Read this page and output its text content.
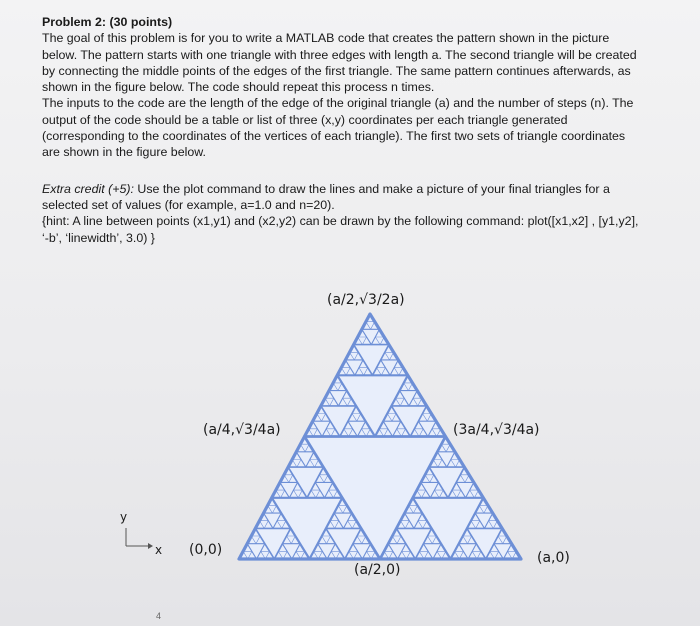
Problem 2: (30 points)

The goal of this problem is for you to write a MATLAB code that creates the pattern shown in the picture below. The pattern starts with one triangle with three edges with length a. The second triangle will be created by connecting the middle points of the edges of the first triangle. The same pattern continues afterwards, as shown in the figure below. The code should repeat this process n times.

The inputs to the code are the length of the edge of the original triangle (a) and the number of steps (n). The output of the code should be a table or list of three (x,y) coordinates per each triangle generated (corresponding to the coordinates of the vertices of each triangle). The first two sets of triangle coordinates are shown in the figure below.

Extra credit (+5): Use the plot command to draw the lines and make a picture of your final triangles for a selected set of values (for example, a=1.0 and n=20).

{hint: A line between points (x1,y1) and (x2,y2) can be drawn by the following command: plot([x1,x2] , [y1,y2], ‘-b’, ‘linewidth’, 3.0) }

y
x
(a/2,√3/2a)
(a/4,√3/4a)	(3a/4,√3/4a)
(0,0)
(a/2,0)
(a,0)
4
